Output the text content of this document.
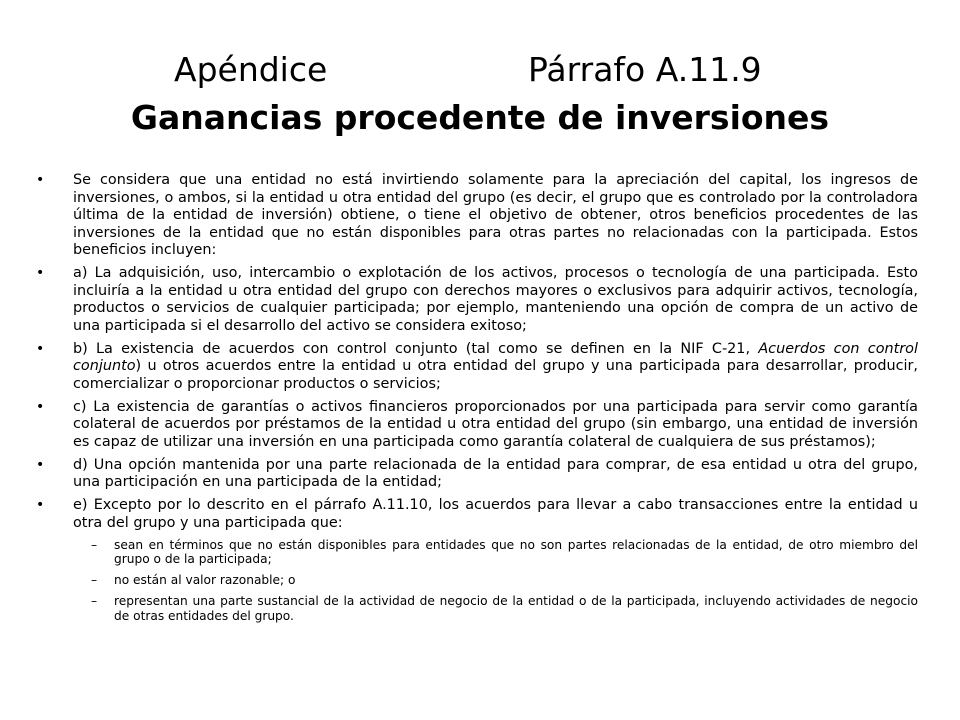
Apéndice	Párrafo A.11.9
Ganancias procedente de inversiones
• Se considera que una entidad no está invirtiendo solamente para la apreciación del capital, los ingresos de inversiones, o ambos, si la entidad u otra entidad del grupo (es decir, el grupo que es controlado por la controladora última de la entidad de inversión) obtiene, o tiene el objetivo de obtener, otros beneficios procedentes de las inversiones de la entidad que no están disponibles para otras partes no relacionadas con la participada. Estos beneficios incluyen:
• a) La adquisición, uso, intercambio o explotación de los activos, procesos o tecnología de una participada. Esto incluiría a la entidad u otra entidad del grupo con derechos mayores o exclusivos para adquirir activos, tecnología, productos o servicios de cualquier participada; por ejemplo, manteniendo una opción de compra de un activo de una participada si el desarrollo del activo se considera exitoso;
• b) La existencia de acuerdos con control conjunto (tal como se definen en la NIF C-21, Acuerdos con control conjunto) u otros acuerdos entre la entidad u otra entidad del grupo y una participada para desarrollar, producir, comercializar o proporcionar productos o servicios;
• c) La existencia de garantías o activos financieros proporcionados por una participada para servir como garantía colateral de acuerdos por préstamos de la entidad u otra entidad del grupo (sin embargo, una entidad de inversión es capaz de utilizar una inversión en una participada como garantía colateral de cualquiera de sus préstamos);
• d) Una opción mantenida por una parte relacionada de la entidad para comprar, de esa entidad u otra del grupo, una participación en una participada de la entidad;
• e) Excepto por lo descrito en el párrafo A.11.10, los acuerdos para llevar a cabo transacciones entre la entidad u otra del grupo y una participada que:
– sean en términos que no están disponibles para entidades que no son partes relacionadas de la entidad, de otro miembro del grupo o de la participada;
– no están al valor razonable; o
– representan una parte sustancial de la actividad de negocio de la entidad o de la participada, incluyendo actividades de negocio de otras entidades del grupo.
